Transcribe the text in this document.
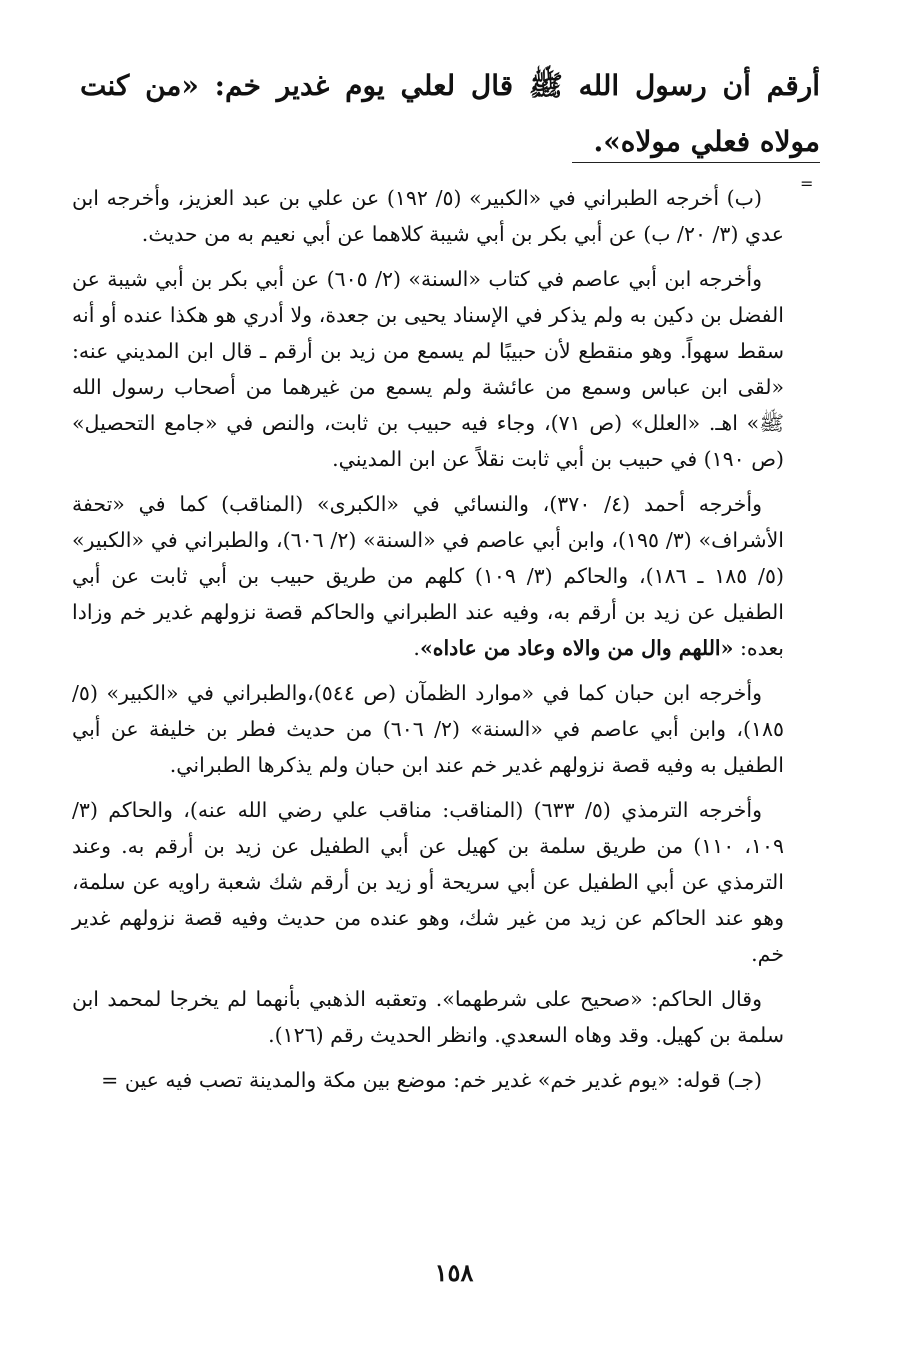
أرقم أن رسول الله ﷺ قال لعلي يوم غدير خم: «من كنت مولاه فعلي مولاه».

=

(ب) أخرجه الطبراني في «الكبير» (٥/ ١٩٢) عن علي بن عبد العزيز، وأخرجه ابن عدي (٣/ ٢٠/ ب) عن أبي بكر بن أبي شيبة كلاهما عن أبي نعيم به من حديث.

وأخرجه ابن أبي عاصم في كتاب «السنة» (٢/ ٦٠٥) عن أبي بكر بن أبي شيبة عن الفضل بن دكين به ولم يذكر في الإسناد يحيى بن جعدة، ولا أدري هو هكذا عنده أو أنه سقط سهواً. وهو منقطع لأن حبيبًا لم يسمع من زيد بن أرقم ـ قال ابن المديني عنه: «لقى ابن عباس وسمع من عائشة ولم يسمع من غيرهما من أصحاب رسول الله ﷺ» اهـ. «العلل» (ص ٧١)، وجاء فيه حبيب بن ثابت، والنص في «جامع التحصيل» (ص ١٩٠) في حبيب بن أبي ثابت نقلاً عن ابن المديني.

وأخرجه أحمد (٤/ ٣٧٠)، والنسائي في «الكبرى» (المناقب) كما في «تحفة الأشراف» (٣/ ١٩٥)، وابن أبي عاصم في «السنة» (٢/ ٦٠٦)، والطبراني في «الكبير» (٥/ ١٨٥ ـ ١٨٦)، والحاكم (٣/ ١٠٩) كلهم من طريق حبيب بن أبي ثابت عن أبي الطفيل عن زيد بن أرقم به، وفيه عند الطبراني والحاكم قصة نزولهم غدير خم وزادا بعده: «اللهم وال من والاه وعاد من عاداه».

وأخرجه ابن حبان كما في «موارد الظمآن (ص ٥٤٤)،والطبراني في «الكبير» (٥/ ١٨٥)، وابن أبي عاصم في «السنة» (٢/ ٦٠٦) من حديث فطر بن خليفة عن أبي الطفيل به وفيه قصة نزولهم غدير خم عند ابن حبان ولم يذكرها الطبراني.

وأخرجه الترمذي (٥/ ٦٣٣) (المناقب: مناقب علي رضي الله عنه)، والحاكم (٣/ ١٠٩، ١١٠) من طريق سلمة بن كهيل عن أبي الطفيل عن زيد بن أرقم به. وعند الترمذي عن أبي الطفيل عن أبي سريحة أو زيد بن أرقم شك شعبة راويه عن سلمة، وهو عند الحاكم عن زيد من غير شك، وهو عنده من حديث وفيه قصة نزولهم غدير خم.

وقال الحاكم: «صحيح على شرطهما». وتعقبه الذهبي بأنهما لم يخرجا لمحمد ابن سلمة بن كهيل. وقد وهاه السعدي. وانظر الحديث رقم (١٢٦).

(جـ) قوله: «يوم غدير خم» غدير خم: موضع بين مكة والمدينة تصب فيه عين =

١٥٨
